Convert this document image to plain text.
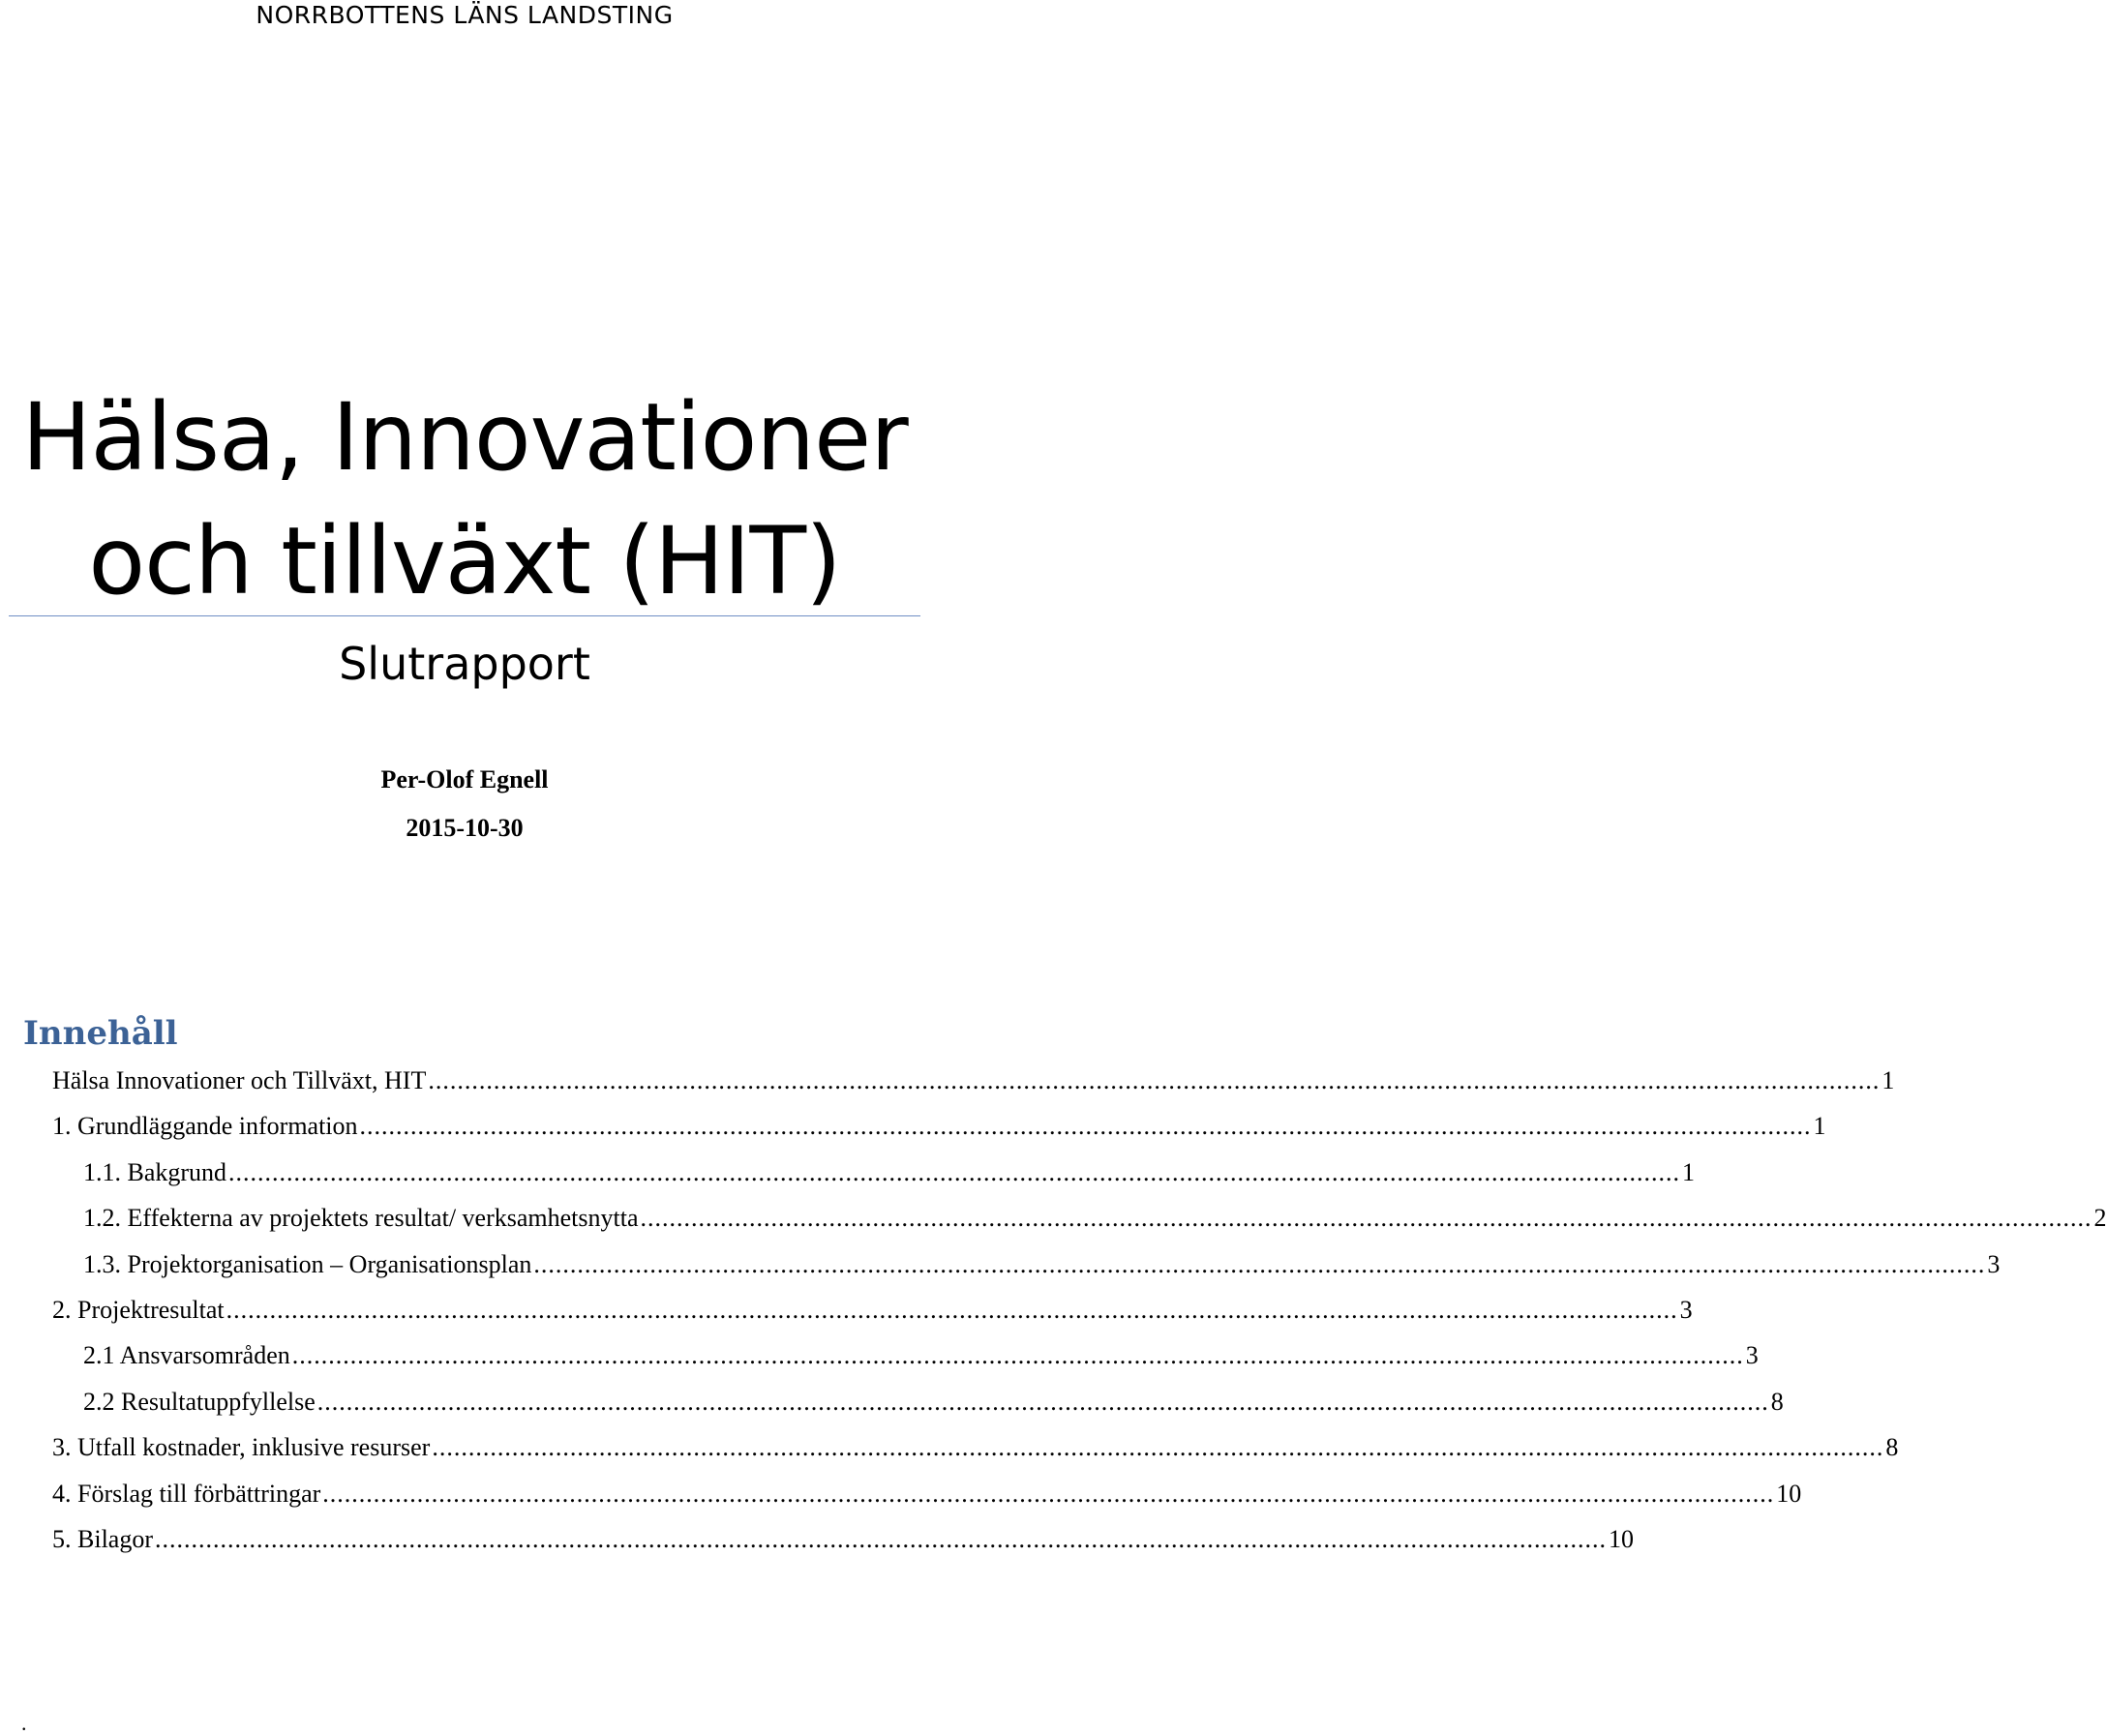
NORRBOTTENS LÄNS LANDSTING
Hälsa, Innovationer
och tillväxt (HIT)
Slutrapport
Per-Olof Egnell
2015-10-30
Innehåll
Hälsa Innovationer och Tillväxt, HIT ........................................................................................................................................................................................................ 1
1. Grundläggande information ........................................................................................................................................................................................................ 1
1.1. Bakgrund ........................................................................................................................................................................................................ 1
1.2. Effekterna av projektets resultat/ verksamhetsnytta ........................................................................................................................................................................................................ 2
1.3. Projektorganisation – Organisationsplan ........................................................................................................................................................................................................ 3
2. Projektresultat ........................................................................................................................................................................................................ 3
2.1 Ansvarsområden ........................................................................................................................................................................................................ 3
2.2 Resultatuppfyllelse ........................................................................................................................................................................................................ 8
3. Utfall kostnader, inklusive resurser ........................................................................................................................................................................................................ 8
4. Förslag till förbättringar ........................................................................................................................................................................................................ 10
5. Bilagor ........................................................................................................................................................................................................ 10
.
